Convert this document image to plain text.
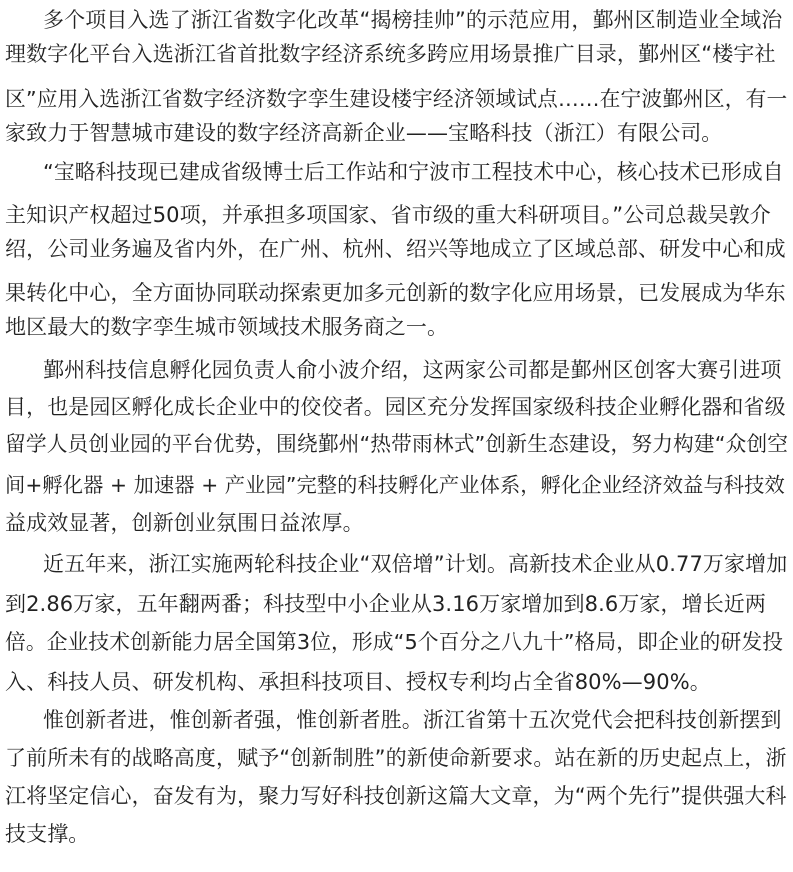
多个项目入选了浙江省数字化改革“揭榜挂帅”的示范应用，鄞州区制造业全域治
理数字化平台入选浙江省首批数字经济系统多跨应用场景推广目录，鄞州区“楼宇社
区”应用入选浙江省数字经济数字孪生建设楼宇经济领域试点……在宁波鄞州区，有一
家致力于智慧城市建设的数字经济高新企业——宝略科技（浙江）有限公司。
“宝略科技现已建成省级博士后工作站和宁波市工程技术中心，核心技术已形成自
主知识产权超过50项，并承担多项国家、省市级的重大科研项目。”公司总裁吴敦介
绍，公司业务遍及省内外，在广州、杭州、绍兴等地成立了区域总部、研发中心和成
果转化中心，全方面协同联动探索更加多元创新的数字化应用场景，已发展成为华东
地区最大的数字孪生城市领域技术服务商之一。
鄞州科技信息孵化园负责人俞小波介绍，这两家公司都是鄞州区创客大赛引进项
目，也是园区孵化成长企业中的佼佼者。园区充分发挥国家级科技企业孵化器和省级
留学人员创业园的平台优势，围绕鄞州“热带雨林式”创新生态建设，努力构建“众创空
间+孵化器 + 加速器 + 产业园”完整的科技孵化产业体系，孵化企业经济效益与科技效
益成效显著，创新创业氛围日益浓厚。
近五年来，浙江实施两轮科技企业“双倍增”计划。高新技术企业从0.77万家增加
到2.86万家，五年翻两番；科技型中小企业从3.16万家增加到8.6万家，增长近两
倍。企业技术创新能力居全国第3位，形成“5个百分之八九十”格局，即企业的研发投
入、科技人员、研发机构、承担科技项目、授权专利均占全省80%—90%。
惟创新者进，惟创新者强，惟创新者胜。浙江省第十五次党代会把科技创新摆到
了前所未有的战略高度，赋予“创新制胜”的新使命新要求。站在新的历史起点上，浙
江将坚定信心，奋发有为，聚力写好科技创新这篇大文章，为“两个先行”提供强大科
技支撑。
